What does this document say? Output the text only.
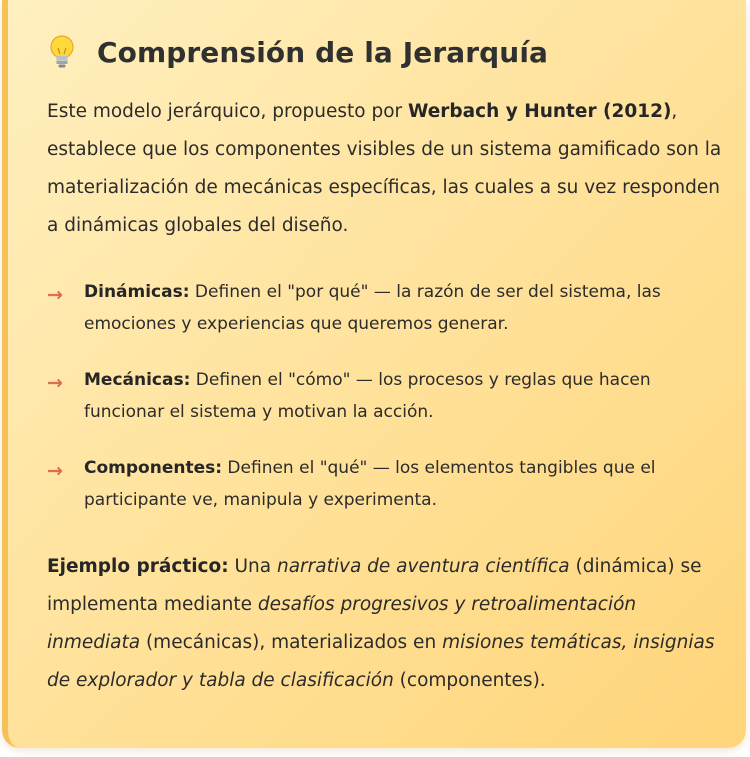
Comprensión de la Jerarquía

Este modelo jerárquico, propuesto por Werbach y Hunter (2012), establece que los componentes visibles de un sistema gamificado son la materialización de mecánicas específicas, las cuales a su vez responden a dinámicas globales del diseño.

→ Dinámicas: Definen el "por qué" — la razón de ser del sistema, las emociones y experiencias que queremos generar.
→ Mecánicas: Definen el "cómo" — los procesos y reglas que hacen funcionar el sistema y motivan la acción.
→ Componentes: Definen el "qué" — los elementos tangibles que el participante ve, manipula y experimenta.

Ejemplo práctico: Una narrativa de aventura científica (dinámica) se implementa mediante desafíos progresivos y retroalimentación inmediata (mecánicas), materializados en misiones temáticas, insignias de explorador y tabla de clasificación (componentes).
